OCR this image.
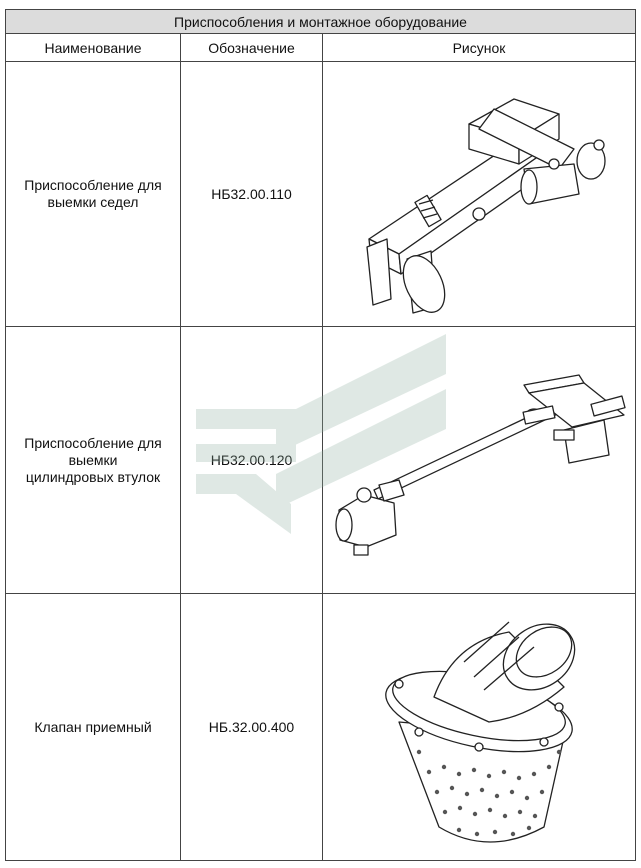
Приспособления и монтажное оборудование		
Наименование	Обозначение	Рисунок
Приспособление для выемки седел	НБ32.00.110	

Приспособление для выемки цилиндровых втулок	НБ32.00.120	

Клапан приемный	НБ.32.00.400	
